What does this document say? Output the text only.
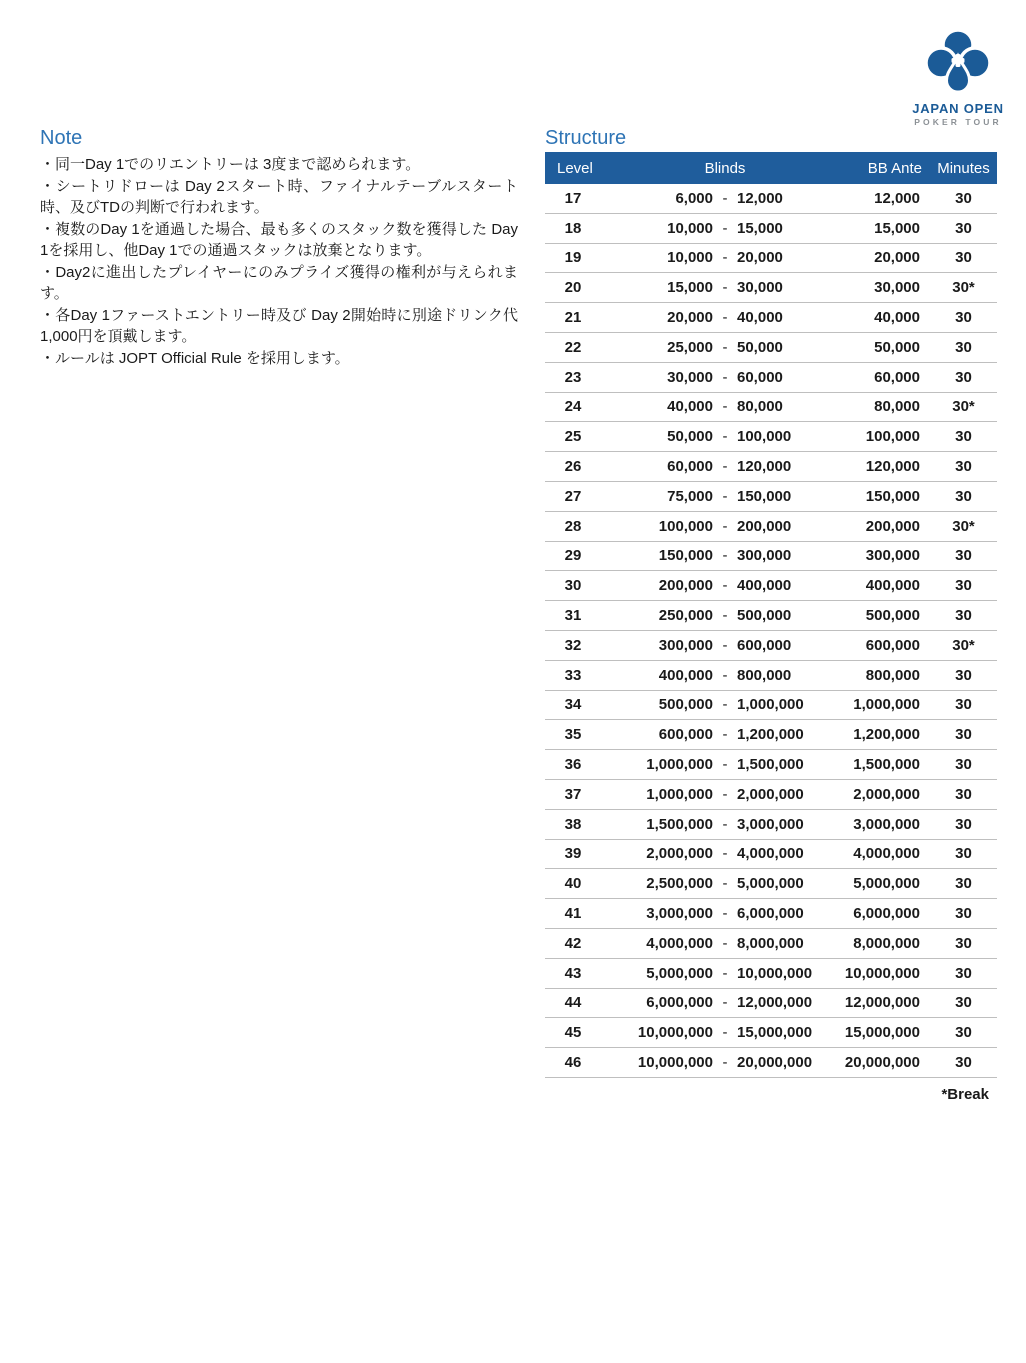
JAPAN OPEN
POKER TOUR
Note
・同一Day 1でのリエントリーは 3度まで認められます。
・シートリドローは Day 2スタート時、ファイナルテーブルスタート時、及びTDの判断で行われます。
・複数のDay 1を通過した場合、最も多くのスタック数を獲得した Day 1を採用し、他Day 1での通過スタックは放棄となります。
・Day2に進出したプレイヤーにのみプライズ獲得の権利が与えられます。
・各Day 1ファーストエントリー時及び Day 2開始時に別途ドリンク代 1,000円を頂戴します。
・ルールは JOPT Official Rule を採用します。
Structure
Level	Blinds	BB Ante	Minutes
17	6,000 - 12,000	12,000	30
18	10,000 - 15,000	15,000	30
19	10,000 - 20,000	20,000	30
20	15,000 - 30,000	30,000	30*
21	20,000 - 40,000	40,000	30
22	25,000 - 50,000	50,000	30
23	30,000 - 60,000	60,000	30
24	40,000 - 80,000	80,000	30*
25	50,000 - 100,000	100,000	30
26	60,000 - 120,000	120,000	30
27	75,000 - 150,000	150,000	30
28	100,000 - 200,000	200,000	30*
29	150,000 - 300,000	300,000	30
30	200,000 - 400,000	400,000	30
31	250,000 - 500,000	500,000	30
32	300,000 - 600,000	600,000	30*
33	400,000 - 800,000	800,000	30
34	500,000 - 1,000,000	1,000,000	30
35	600,000 - 1,200,000	1,200,000	30
36	1,000,000 - 1,500,000	1,500,000	30
37	1,000,000 - 2,000,000	2,000,000	30
38	1,500,000 - 3,000,000	3,000,000	30
39	2,000,000 - 4,000,000	4,000,000	30
40	2,500,000 - 5,000,000	5,000,000	30
41	3,000,000 - 6,000,000	6,000,000	30
42	4,000,000 - 8,000,000	8,000,000	30
43	5,000,000 - 10,000,000	10,000,000	30
44	6,000,000 - 12,000,000	12,000,000	30
45	10,000,000 - 15,000,000	15,000,000	30
46	10,000,000 - 20,000,000	20,000,000	30
*Break
